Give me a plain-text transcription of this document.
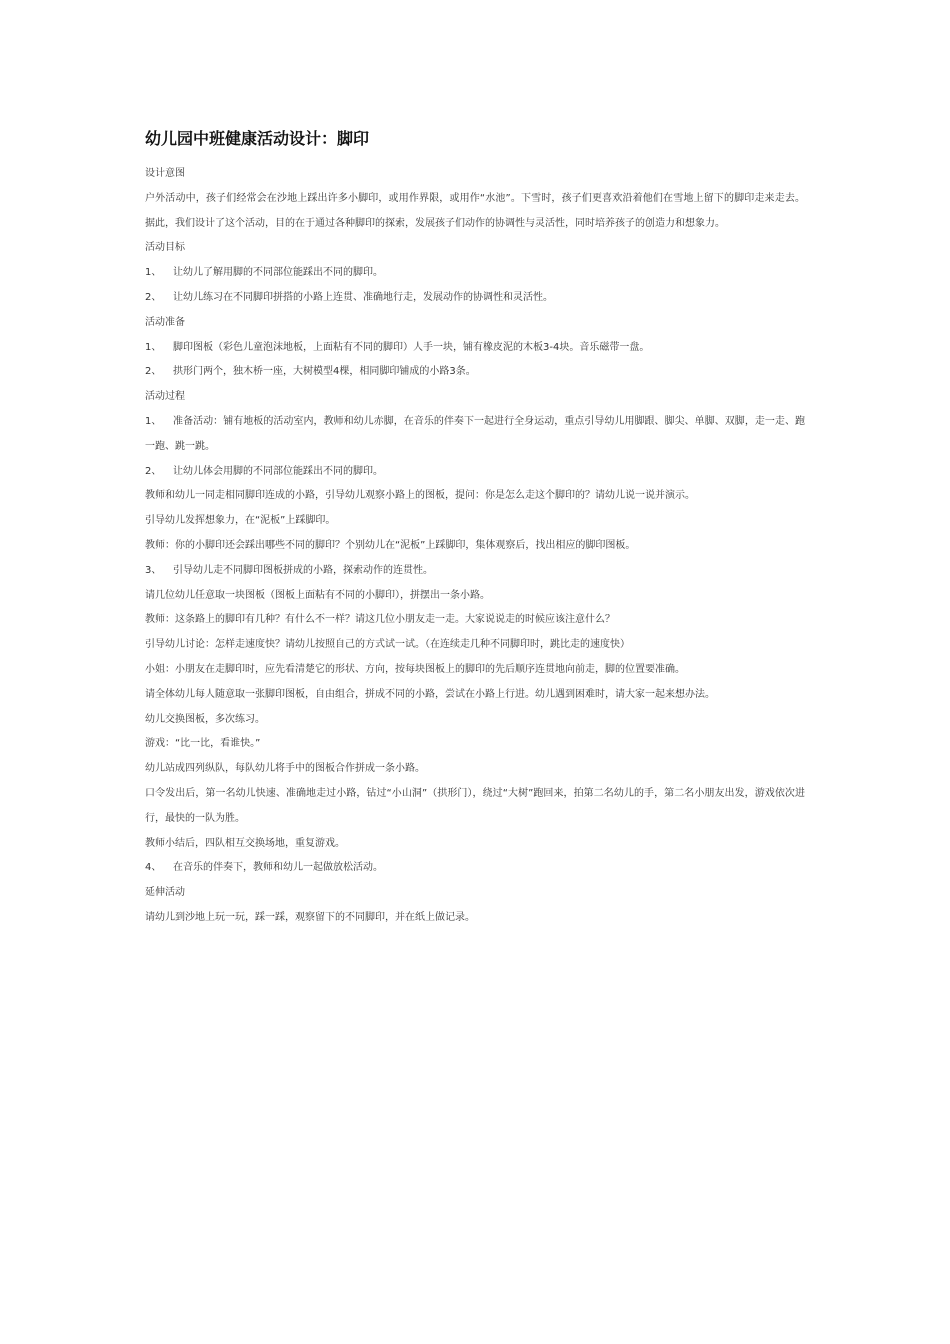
幼儿园中班健康活动设计：脚印

设计意图

户外活动中，孩子们经常会在沙地上踩出许多小脚印，或用作界限，或用作“水池”。下雪时，孩子们更喜欢沿着他们在雪地上留下的脚印走来走去。据此，我们设计了这个活动，目的在于通过各种脚印的探索，发展孩子们动作的协调性与灵活性，同时培养孩子的创造力和想象力。

活动目标

1、 让幼儿了解用脚的不同部位能踩出不同的脚印。

2、 让幼儿练习在不同脚印拼搭的小路上连贯、准确地行走，发展动作的协调性和灵活性。

活动准备

1、 脚印图板（彩色儿童泡沫地板，上面粘有不同的脚印）人手一块，铺有橡皮泥的木板3-4块。音乐磁带一盘。

2、 拱形门两个，独木桥一座，大树模型4棵，相同脚印铺成的小路3条。

活动过程

1、 准备活动：铺有地板的活动室内，教师和幼儿赤脚，在音乐的伴奏下一起进行全身运动，重点引导幼儿用脚跟、脚尖、单脚、双脚，走一走、跑一跑、跳一跳。

2、 让幼儿体会用脚的不同部位能踩出不同的脚印。

教师和幼儿一同走相同脚印连成的小路，引导幼儿观察小路上的图板，提问：你是怎么走这个脚印的？请幼儿说一说并演示。

引导幼儿发挥想象力，在“泥板”上踩脚印。

教师：你的小脚印还会踩出哪些不同的脚印？个别幼儿在“泥板”上踩脚印，集体观察后，找出相应的脚印图板。

3、 引导幼儿走不同脚印图板拼成的小路，探索动作的连贯性。

请几位幼儿任意取一块图板（图板上面粘有不同的小脚印），拼摆出一条小路。

教师：这条路上的脚印有几种？有什么不一样？请这几位小朋友走一走。大家说说走的时候应该注意什么？

引导幼儿讨论：怎样走速度快？请幼儿按照自己的方式试一试。（在连续走几种不同脚印时，跳比走的速度快）

小姐：小朋友在走脚印时，应先看清楚它的形状、方向，按每块图板上的脚印的先后顺序连贯地向前走，脚的位置要准确。

请全体幼儿每人随意取一张脚印图板，自由组合，拼成不同的小路，尝试在小路上行进。幼儿遇到困难时，请大家一起来想办法。

幼儿交换图板，多次练习。

游戏：“比一比，看谁快。”

幼儿站成四列纵队，每队幼儿将手中的图板合作拼成一条小路。

口令发出后，第一名幼儿快速、准确地走过小路，钻过“小山洞”（拱形门），绕过“大树”跑回来，拍第二名幼儿的手，第二名小朋友出发，游戏依次进行，最快的一队为胜。

教师小结后，四队相互交换场地，重复游戏。

4、 在音乐的伴奏下，教师和幼儿一起做放松活动。

延伸活动

请幼儿到沙地上玩一玩，踩一踩，观察留下的不同脚印，并在纸上做记录。
